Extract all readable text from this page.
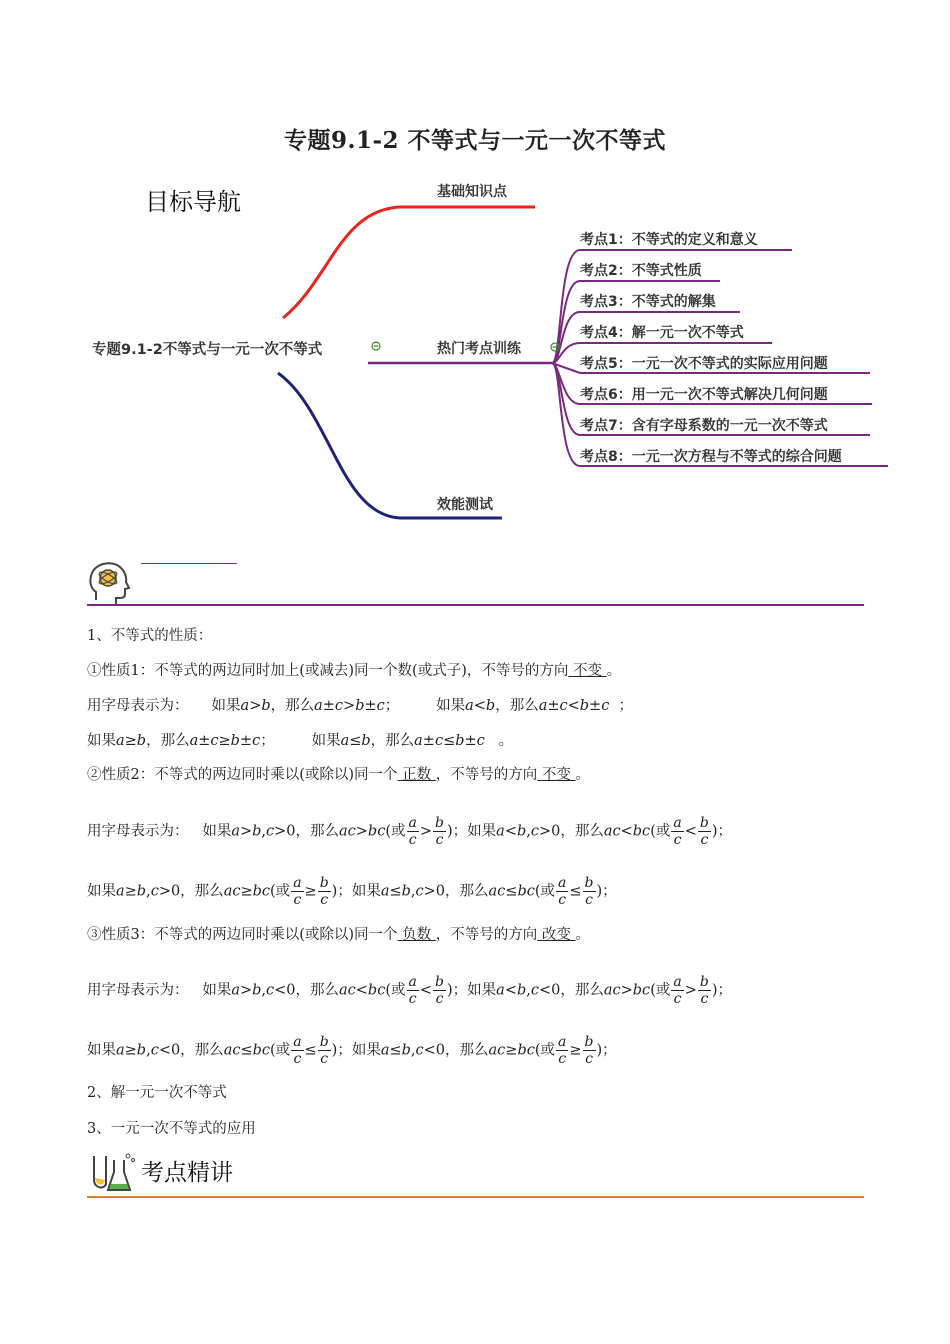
专题9.1-2 不等式与一元一次不等式
目标导航
专题9.1-2不等式与一元一次不等式
基础知识点
热门考点训练
效能测试
考点1：不等式的定义和意义
考点2：不等式性质
考点3：不等式的解集
考点4：解一元一次不等式
考点5：一元一次不等式的实际应用问题
考点6：用一元一次不等式解决几何问题
考点7：含有字母系数的一元一次不等式
考点8：一元一次方程与不等式的综合问题
1、不等式的性质：
①性质1：不等式的两边同时加上(或减去)同一个数(或式子)，不等号的方向 不变 。
用字母表示为： 如果a>b，那么a±c>b±c；	如果a<b，那么a±c<b±c ；
如果a≥b，那么a±c≥b±c；	如果a≤b，那么a±c≤b±c 。
②性质2：不等式的两边同时乘以(或除以)同一个 正数 ，不等号的方向 不变 。
用字母表示为：   如果a>b,c>0，那么ac>bc(或 $\frac{a}{c} > \frac{b}{c}$ )；如果a<b,c>0，那么ac<bc(或 $\frac{a}{c} < \frac{b}{c}$ )；
如果a≥b,c>0，那么ac≥bc(或 $\frac{a}{c} \ge \frac{b}{c}$ )；如果a≤b,c>0，那么ac≤bc(或 $\frac{a}{c} \le \frac{b}{c}$ )；
③性质3：不等式的两边同时乘以(或除以)同一个 负数 ，不等号的方向 改变 。
用字母表示为：   如果a>b,c<0，那么ac<bc(或 $\frac{a}{c} < \frac{b}{c}$ )；如果a<b,c<0，那么ac>bc(或 $\frac{a}{c} > \frac{b}{c}$ )；
如果a≥b,c<0，那么ac≤bc(或 $\frac{a}{c} \le \frac{b}{c}$ )；如果a≤b,c<0，那么ac≥bc(或 $\frac{a}{c} \ge \frac{b}{c}$ )；
2、解一元一次不等式
3、一元一次不等式的应用
考点精讲
